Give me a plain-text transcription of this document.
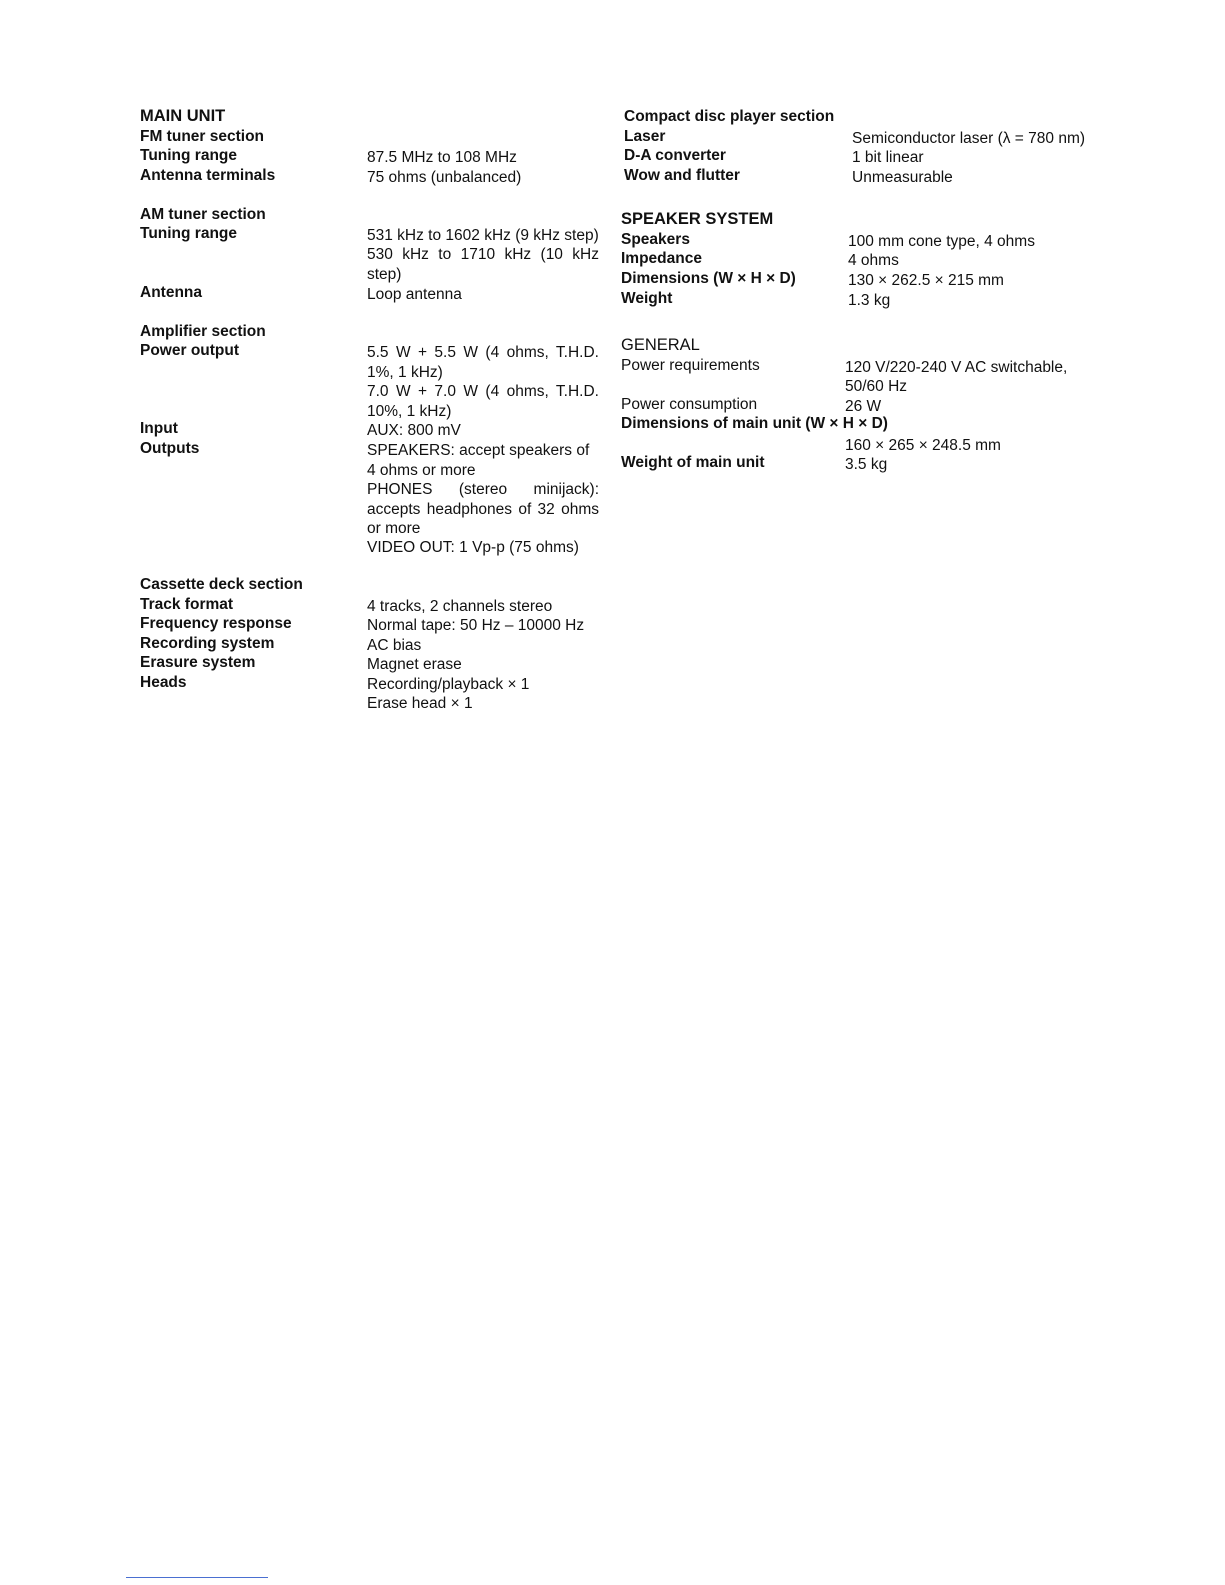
MAIN UNIT
FM tuner section
Tuning range	87.5 MHz to 108 MHz
Antenna terminals	75 ohms (unbalanced)
AM tuner section
Tuning range	531 kHz to 1602 kHz (9 kHz step)
530 kHz to 1710 kHz (10 kHz step)
Antenna	Loop antenna
Amplifier section
Power output	5.5 W + 5.5 W (4 ohms, T.H.D. 1%, 1 kHz)
7.0 W + 7.0 W (4 ohms, T.H.D. 10%, 1 kHz)
Input	AUX: 800 mV
Outputs	SPEAKERS: accept speakers of 4 ohms or more
PHONES (stereo minijack): accepts headphones of 32 ohms or more
VIDEO OUT: 1 Vp-p (75 ohms)
Cassette deck section
Track format	4 tracks, 2 channels stereo
Frequency response	Normal tape: 50 Hz – 10000 Hz
Recording system	AC bias
Erasure system	Magnet erase
Heads	Recording/playback × 1
Erase head × 1
Compact disc player section
Laser	Semiconductor laser (λ = 780 nm)
D-A converter	1 bit linear
Wow and flutter	Unmeasurable
SPEAKER SYSTEM
Speakers	100 mm cone type, 4 ohms
Impedance	4 ohms
Dimensions (W × H × D)	130 × 262.5 × 215 mm
Weight	1.3 kg
GENERAL
Power requirements	120 V/220-240 V AC switchable,
50/60 Hz
Power consumption	26 W
Dimensions of main unit (W × H × D)
160 × 265 × 248.5 mm
Weight of main unit	3.5 kg
